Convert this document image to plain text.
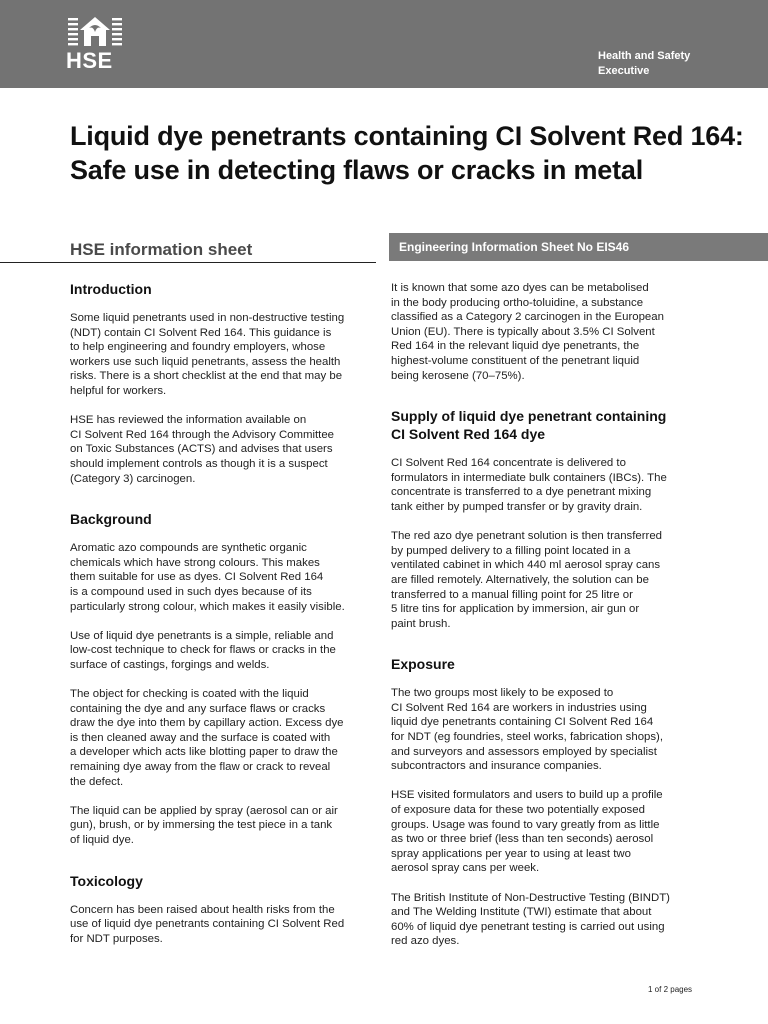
HSE	Health and Safety
Executive
Liquid dye penetrants containing CI Solvent Red 164:
Safe use in detecting flaws or cracks in metal
HSE information sheet	Engineering Information Sheet No EIS46
Introduction

Some liquid penetrants used in non-destructive testing
(NDT) contain CI Solvent Red 164. This guidance is
to help engineering and foundry employers, whose
workers use such liquid penetrants, assess the health
risks. There is a short checklist at the end that may be
helpful for workers.

HSE has reviewed the information available on
CI Solvent Red 164 through the Advisory Committee
on Toxic Substances (ACTS) and advises that users
should implement controls as though it is a suspect
(Category 3) carcinogen.

Background

Aromatic azo compounds are synthetic organic
chemicals which have strong colours. This makes
them suitable for use as dyes. CI Solvent Red 164
is a compound used in such dyes because of its
particularly strong colour, which makes it easily visible.

Use of liquid dye penetrants is a simple, reliable and
low-cost technique to check for flaws or cracks in the
surface of castings, forgings and welds.

The object for checking is coated with the liquid
containing the dye and any surface flaws or cracks
draw the dye into them by capillary action. Excess dye
is then cleaned away and the surface is coated with
a developer which acts like blotting paper to draw the
remaining dye away from the flaw or crack to reveal
the defect.

The liquid can be applied by spray (aerosol can or air
gun), brush, or by immersing the test piece in a tank
of liquid dye.

Toxicology

Concern has been raised about health risks from the
use of liquid dye penetrants containing CI Solvent Red
for NDT purposes.

It is known that some azo dyes can be metabolised
in the body producing ortho-toluidine, a substance
classified as a Category 2 carcinogen in the European
Union (EU). There is typically about 3.5% CI Solvent
Red 164 in the relevant liquid dye penetrants, the
highest-volume constituent of the penetrant liquid
being kerosene (70–75%).

Supply of liquid dye penetrant containing
CI Solvent Red 164 dye

CI Solvent Red 164 concentrate is delivered to
formulators in intermediate bulk containers (IBCs). The
concentrate is transferred to a dye penetrant mixing
tank either by pumped transfer or by gravity drain.

The red azo dye penetrant solution is then transferred
by pumped delivery to a filling point located in a
ventilated cabinet in which 440 ml aerosol spray cans
are filled remotely. Alternatively, the solution can be
transferred to a manual filling point for 25 litre or
5 litre tins for application by immersion, air gun or
paint brush.

Exposure

The two groups most likely to be exposed to
CI Solvent Red 164 are workers in industries using
liquid dye penetrants containing CI Solvent Red 164
for NDT (eg foundries, steel works, fabrication shops),
and surveyors and assessors employed by specialist
subcontractors and insurance companies.

HSE visited formulators and users to build up a profile
of exposure data for these two potentially exposed
groups. Usage was found to vary greatly from as little
as two or three brief (less than ten seconds) aerosol
spray applications per year to using at least two
aerosol spray cans per week.

The British Institute of Non-Destructive Testing (BINDT)
and The Welding Institute (TWI) estimate that about
60% of liquid dye penetrant testing is carried out using
red azo dyes.

1 of 2 pages
